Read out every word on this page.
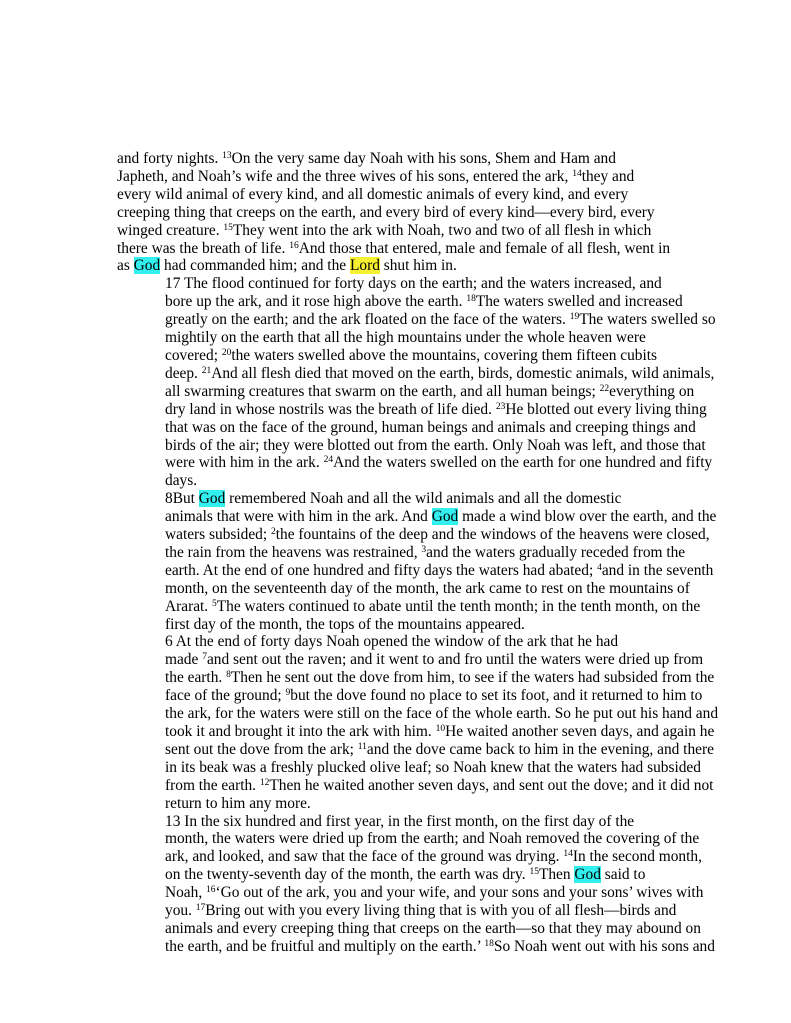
and forty nights. $^{13}$On the very same day Noah with his sons, Shem and Ham and
Japheth, and Noah’s wife and the three wives of his sons, entered the ark, $^{14}$they and
every wild animal of every kind, and all domestic animals of every kind, and every
creeping thing that creeps on the earth, and every bird of every kind—every bird, every
winged creature. $^{15}$They went into the ark with Noah, two and two of all flesh in which
there was the breath of life. $^{16}$And those that entered, male and female of all flesh, went in
as God had commanded him; and the Lord shut him in.
17 The flood continued for forty days on the earth; and the waters increased, and
bore up the ark, and it rose high above the earth. $^{18}$The waters swelled and increased
greatly on the earth; and the ark floated on the face of the waters. $^{19}$The waters swelled so
mightily on the earth that all the high mountains under the whole heaven were
covered; $^{20}$the waters swelled above the mountains, covering them fifteen cubits
deep. $^{21}$And all flesh died that moved on the earth, birds, domestic animals, wild animals,
all swarming creatures that swarm on the earth, and all human beings; $^{22}$everything on
dry land in whose nostrils was the breath of life died. $^{23}$He blotted out every living thing
that was on the face of the ground, human beings and animals and creeping things and
birds of the air; they were blotted out from the earth. Only Noah was left, and those that
were with him in the ark. $^{24}$And the waters swelled on the earth for one hundred and fifty
days.
8But God remembered Noah and all the wild animals and all the domestic
animals that were with him in the ark. And God made a wind blow over the earth, and the
waters subsided; $^2$the fountains of the deep and the windows of the heavens were closed,
the rain from the heavens was restrained, $^3$and the waters gradually receded from the
earth. At the end of one hundred and fifty days the waters had abated; $^4$and in the seventh
month, on the seventeenth day of the month, the ark came to rest on the mountains of
Ararat. $^5$The waters continued to abate until the tenth month; in the tenth month, on the
first day of the month, the tops of the mountains appeared.
6 At the end of forty days Noah opened the window of the ark that he had
made $^7$and sent out the raven; and it went to and fro until the waters were dried up from
the earth. $^8$Then he sent out the dove from him, to see if the waters had subsided from the
face of the ground; $^9$but the dove found no place to set its foot, and it returned to him to
the ark, for the waters were still on the face of the whole earth. So he put out his hand and
took it and brought it into the ark with him. $^{10}$He waited another seven days, and again he
sent out the dove from the ark; $^{11}$and the dove came back to him in the evening, and there
in its beak was a freshly plucked olive leaf; so Noah knew that the waters had subsided
from the earth. $^{12}$Then he waited another seven days, and sent out the dove; and it did not
return to him any more.
13 In the six hundred and first year, in the first month, on the first day of the
month, the waters were dried up from the earth; and Noah removed the covering of the
ark, and looked, and saw that the face of the ground was drying. $^{14}$In the second month,
on the twenty-seventh day of the month, the earth was dry. $^{15}$Then God said to
Noah, $^{16}$‘Go out of the ark, you and your wife, and your sons and your sons’ wives with
you. $^{17}$Bring out with you every living thing that is with you of all flesh—birds and
animals and every creeping thing that creeps on the earth—so that they may abound on
the earth, and be fruitful and multiply on the earth.’ $^{18}$So Noah went out with his sons and
